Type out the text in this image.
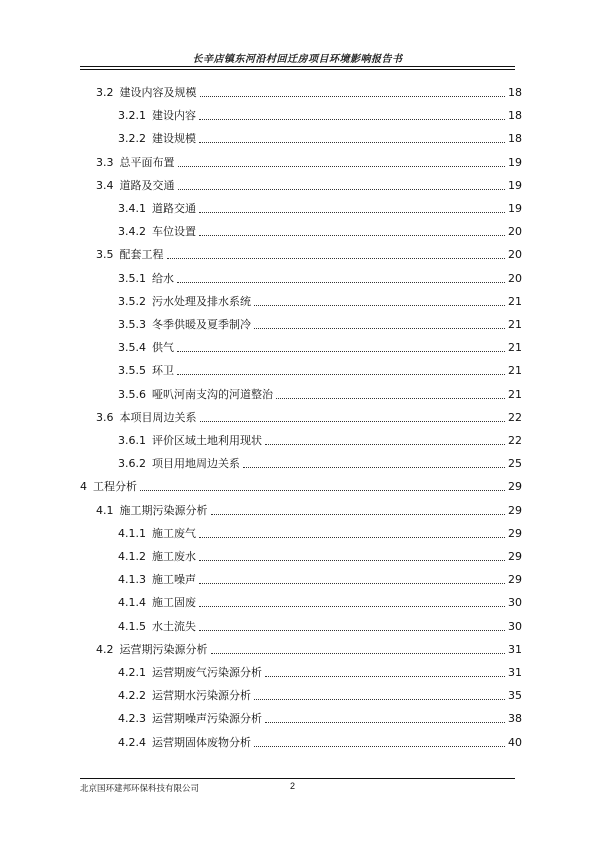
长辛店镇东河沿村回迁房项目环境影响报告书
3.2 建设内容及规模	18
3.2.1 建设内容	18
3.2.2 建设规模	18
3.3 总平面布置	19
3.4 道路及交通	19
3.4.1 道路交通	19
3.4.2 车位设置	20
3.5 配套工程	20
3.5.1 给水	20
3.5.2 污水处理及排水系统	21
3.5.3 冬季供暖及夏季制冷	21
3.5.4 供气	21
3.5.5 环卫	21
3.5.6 哑叭河南支沟的河道整治	21
3.6 本项目周边关系	22
3.6.1 评价区域土地利用现状	22
3.6.2 项目用地周边关系	25
4 工程分析	29
4.1 施工期污染源分析	29
4.1.1 施工废气	29
4.1.2 施工废水	29
4.1.3 施工噪声	29
4.1.4 施工固废	30
4.1.5 水土流失	30
4.2 运营期污染源分析	31
4.2.1 运营期废气污染源分析	31
4.2.2 运营期水污染源分析	35
4.2.3 运营期噪声污染源分析	38
4.2.4 运营期固体废物分析	40
北京国环建邦环保科技有限公司	2
